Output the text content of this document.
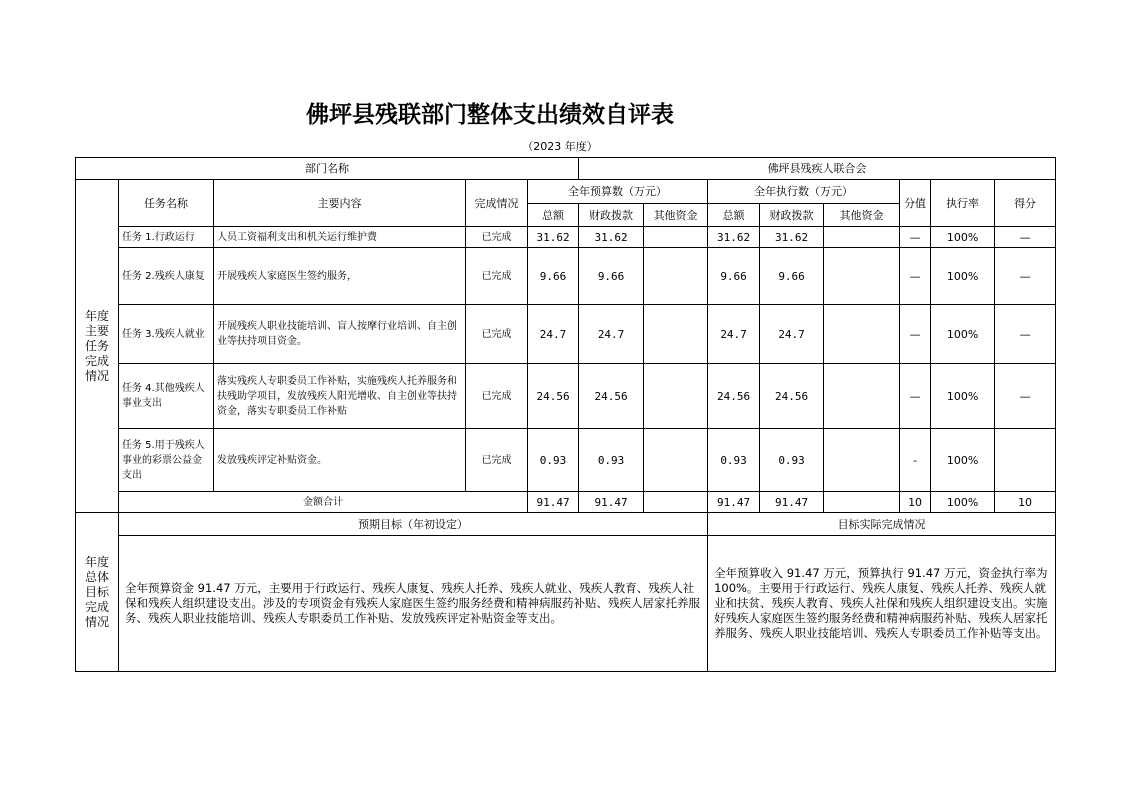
佛坪县残联部门整体支出绩效自评表
（2023 年度）
部门名称					佛坪县残疾人联合会							
年度
主要
任务
完成
情况	任务名称	主要内容	完成情况	全年预算数（万元）			全年执行数（万元）			分值	执行率	得分
				总额	财政拨款	其他资金	总额	财政拨款	其他资金			
	任务 1.行政运行	人员工资福利支出和机关运行维护费	已完成	31.62	31.62		31.62	31.62		—	100%	—
	任务 2.残疾人康复	开展残疾人家庭医生签约服务，	已完成	9.66	9.66		9.66	9.66		—	100%	—
	任务 3.残疾人就业	开展残疾人职业技能培训、盲人按摩行业培训、自主创业等扶持项目资金。	已完成	24.7	24.7		24.7	24.7		—	100%	—
	任务 4.其他残疾人事业支出	落实残疾人专职委员工作补贴，实施残疾人托养服务和扶残助学项目，发放残疾人阳光增收、自主创业等扶持资金，落实专职委员工作补贴	已完成	24.56	24.56		24.56	24.56		—	100%	—
	任务 5.用于残疾人事业的彩票公益金支出	发放残疾评定补贴资金。	已完成	0.93	0.93		0.93	0.93		-	100%	
	金额合计			91.47	91.47		91.47	91.47		10	100%	10
年度
总体
目标
完成
情况	预期目标（年初设定）						目标实际完成情况					
	全年预算资金 91.47 万元，主要用于行政运行、残疾人康复、残疾人托养、残疾人就业、残疾人教育、残疾人社保和残疾人组织建设支出。涉及的专项资金有残疾人家庭医生签约服务经费和精神病服药补贴、残疾人居家托养服务、残疾人职业技能培训、残疾人专职委员工作补贴、发放残疾评定补贴资金等支出。						全年预算收入 91.47 万元，预算执行 91.47 万元，资金执行率为 100%。主要用于行政运行、残疾人康复、残疾人托养、残疾人就业和扶贫、残疾人教育、残疾人社保和残疾人组织建设支出。实施好残疾人家庭医生签约服务经费和精神病服药补贴、残疾人居家托养服务、残疾人职业技能培训、残疾人专职委员工作补贴等支出。					
